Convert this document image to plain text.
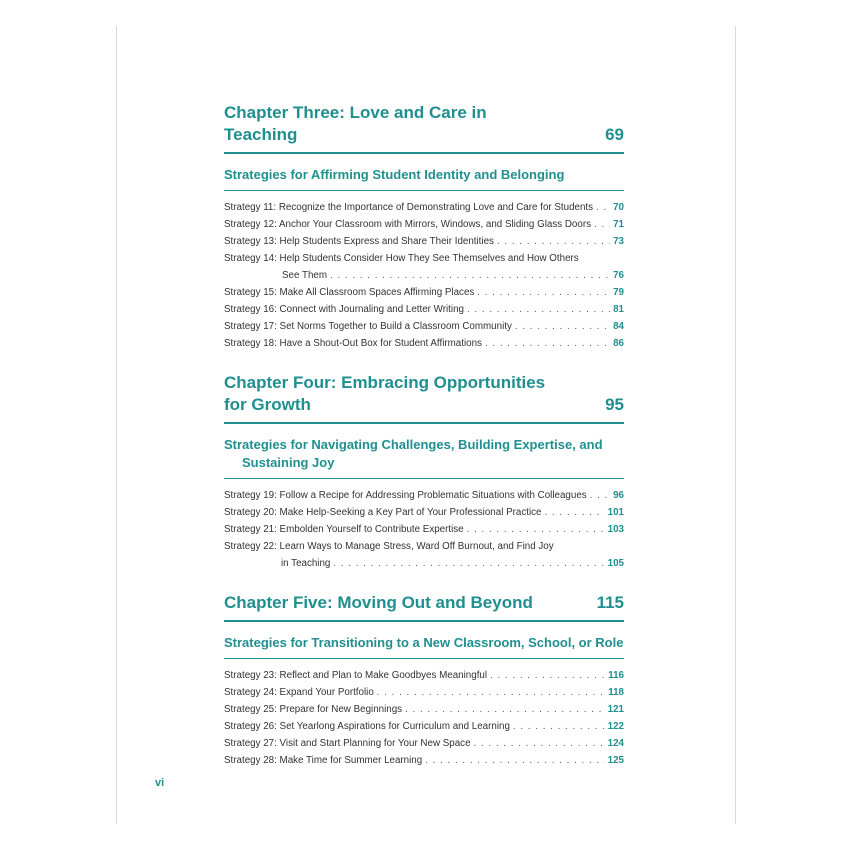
Chapter Three: Love and Care in Teaching	69
Strategies for Affirming Student Identity and Belonging
Strategy 11: Recognize the Importance of Demonstrating Love and Care for Students . . . 70
Strategy 12: Anchor Your Classroom with Mirrors, Windows, and Sliding Glass Doors . . . 71
Strategy 13: Help Students Express and Share Their Identities . . .	73
Strategy 14: Help Students Consider How They See Themselves and How Others
See Them . . .	76
Strategy 15: Make All Classroom Spaces Affirming Places . . .	79
Strategy 16: Connect with Journaling and Letter Writing . . .	81
Strategy 17: Set Norms Together to Build a Classroom Community . . .	84
Strategy 18: Have a Shout-Out Box for Student Affirmations . . .	86
Chapter Four: Embracing Opportunities
for Growth	95
Strategies for Navigating Challenges, Building Expertise, and
Sustaining Joy
Strategy 19: Follow a Recipe for Addressing Problematic Situations with Colleagues . . .	96
Strategy 20: Make Help-Seeking a Key Part of Your Professional Practice . . .	101
Strategy 21: Embolden Yourself to Contribute Expertise . . .	103
Strategy 22: Learn Ways to Manage Stress, Ward Off Burnout, and Find Joy
in Teaching . . .	105
Chapter Five: Moving Out and Beyond	115
Strategies for Transitioning to a New Classroom, School, or Role
Strategy 23: Reflect and Plan to Make Goodbyes Meaningful . . .	116
Strategy 24: Expand Your Portfolio . . .	118
Strategy 25: Prepare for New Beginnings . . .	121
Strategy 26: Set Yearlong Aspirations for Curriculum and Learning . . .	122
Strategy 27: Visit and Start Planning for Your New Space . . .	124
Strategy 28: Make Time for Summer Learning . . .	125
vi
